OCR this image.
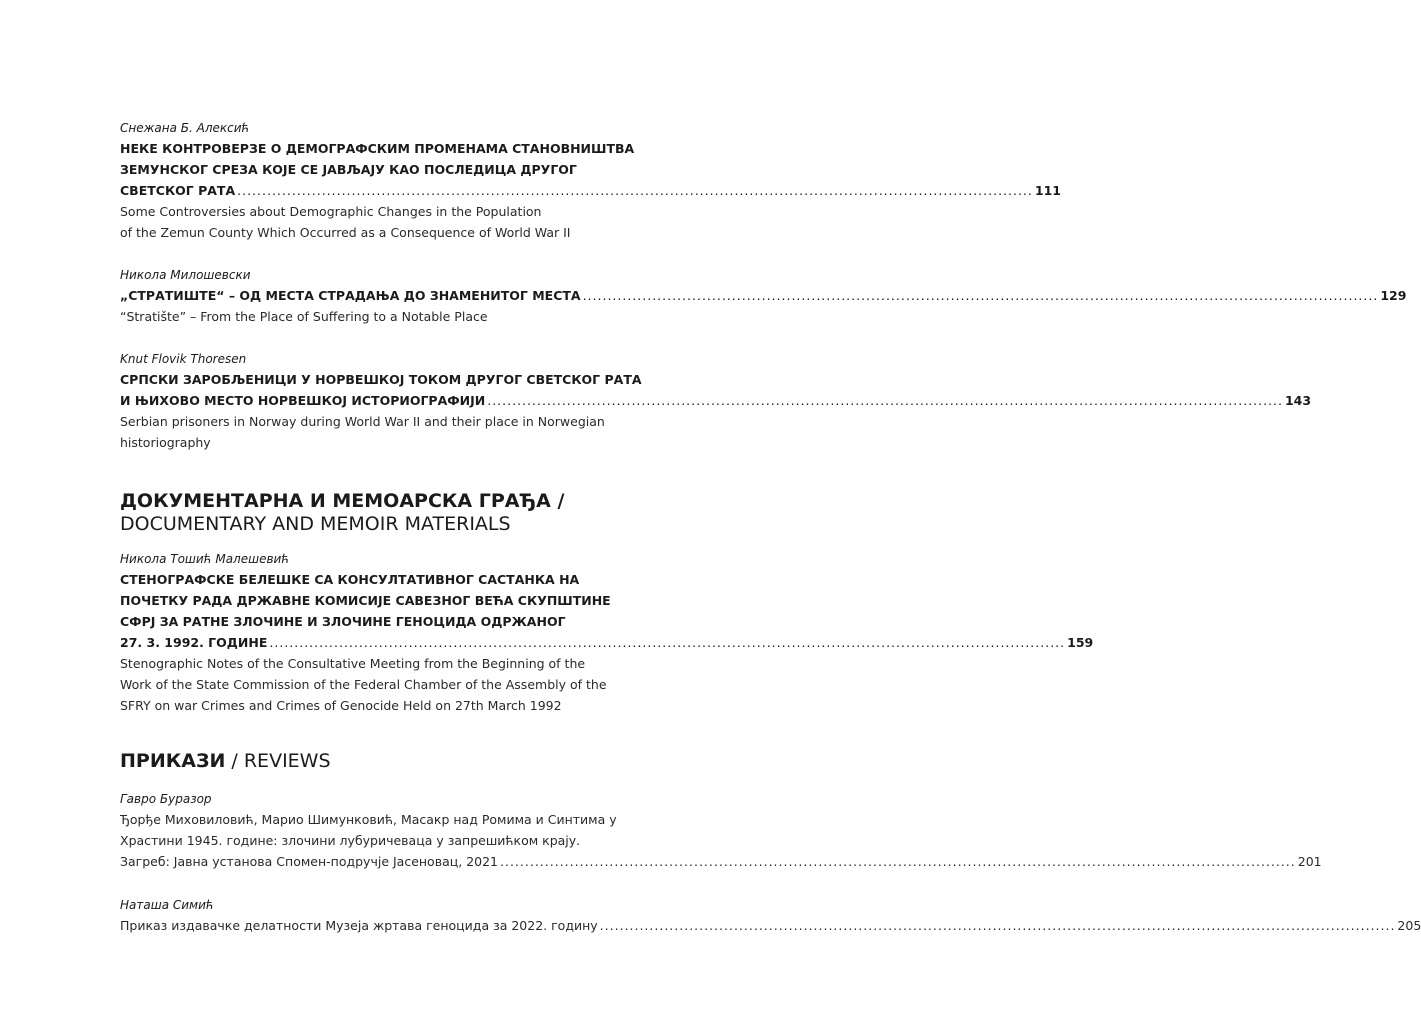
Снежана Б. Алексић

НЕКЕ КОНТРОВЕРЗЕ О ДЕМОГРАФСКИМ ПРОМЕНАМА СТАНОВНИШТВА

ЗЕМУНСКОГ СРЕЗА КОЈЕ СЕ ЈАВЉАЈУ КАО ПОСЛЕДИЦА ДРУГОГ

СВЕТСКОГ РАТА ................................................................................................................................................................ 111

Some Controversies about Demographic Changes in the Population

of the Zemun County Which Occurred as a Consequence of World War II

Никола Милошевски

„СТРАТИШТЕ“ – ОД МЕСТА СТРАДАЊА ДО ЗНАМЕНИТОГ МЕСТА ................................................................................................................................................................ 129

“Stratište” – From the Place of Suffering to a Notable Place

Knut Flovik Thoresen

СРПСКИ ЗАРОБЉЕНИЦИ У НОРВЕШКОЈ ТОКОМ ДРУГОГ СВЕТСКОГ РАТА

И ЊИХОВО МЕСТО НОРВЕШКОЈ ИСТОРИОГРАФИЈИ ................................................................................................................................................................ 143

Serbian prisoners in Norway during World War II and their place in Norwegian

historiography

ДОКУМЕНТАРНА И МЕМОАРСКА ГРАЂА /

DOCUMENTARY AND MEMOIR MATERIALS

Никола Тошић Малешевић

СТЕНОГРАФСКЕ БЕЛЕШКЕ СА КОНСУЛТАТИВНОГ САСТАНКА НА

ПОЧЕТКУ РАДА ДРЖАВНЕ КОМИСИЈЕ САВЕЗНОГ ВЕЋА СКУПШТИНЕ

СФРЈ ЗА РАТНЕ ЗЛОЧИНЕ И ЗЛОЧИНЕ ГЕНОЦИДА ОДРЖАНОГ

27. 3. 1992. ГОДИНЕ ................................................................................................................................................................ 159

Stenographic Notes of the Consultative Meeting from the Beginning of the

Work of the State Commission of the Federal Chamber of the Assembly of the

SFRY on war Crimes and Crimes of Genocide Held on 27th March 1992

ПРИКАЗИ / REVIEWS

Гавро Буразор

Ђорђе Миховиловић, Марио Шимунковић, Масакр над Ромима и Синтима у

Храстини 1945. године: злочини лубуричеваца у запрешићком крају.

Загреб: Јавна установа Спомен-подручје Јасеновац, 2021 ................................................................................................................................................................ 201

Наташа Симић

Приказ издавачке делатности Музеја жртава геноцида за 2022. годину ................................................................................................................................................................ 205
